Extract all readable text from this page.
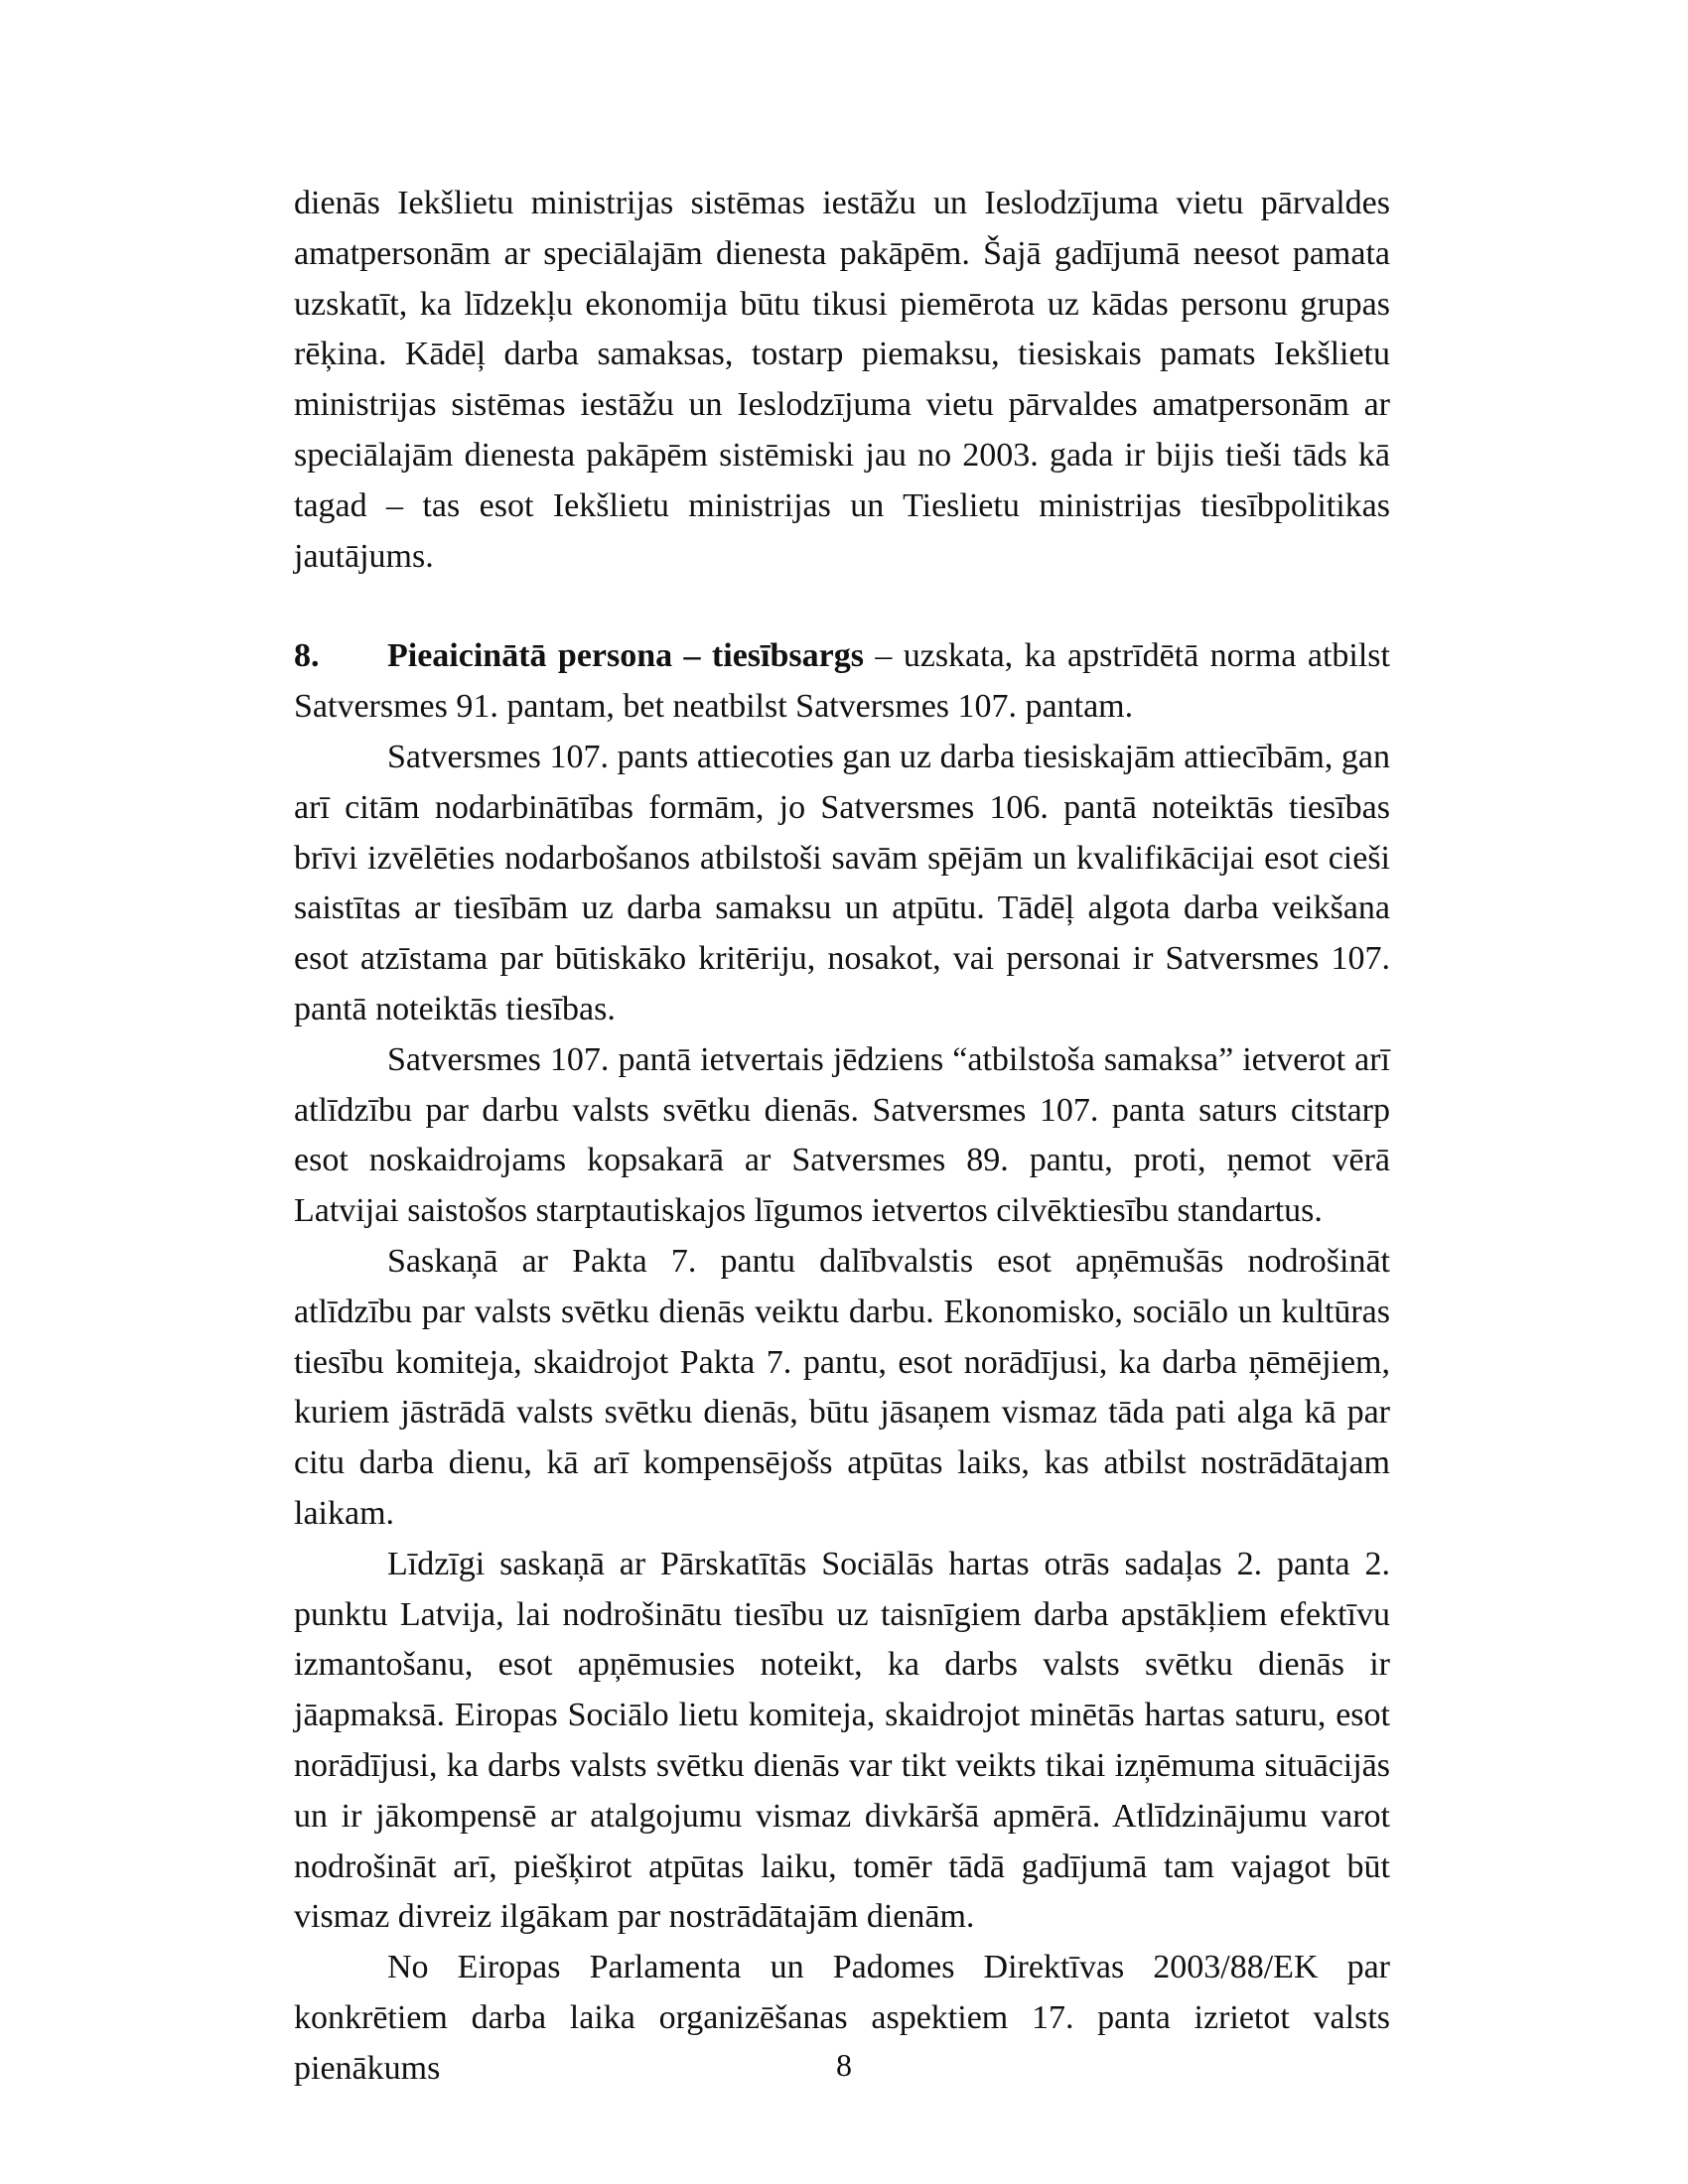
dienās Iekšlietu ministrijas sistēmas iestāžu un Ieslodzījuma vietu pārvaldes amatpersonām ar speciālajām dienesta pakāpēm. Šajā gadījumā neesot pamata uzskatīt, ka līdzekļu ekonomija būtu tikusi piemērota uz kādas personu grupas rēķina. Kādēļ darba samaksas, tostarp piemaksu, tiesiskais pamats Iekšlietu ministrijas sistēmas iestāžu un Ieslodzījuma vietu pārvaldes amatpersonām ar speciālajām dienesta pakāpēm sistēmiski jau no 2003. gada ir bijis tieši tāds kā tagad – tas esot Iekšlietu ministrijas un Tieslietu ministrijas tiesībpolitikas jautājums.

8. Pieaicinātā persona – tiesībsargs – uzskata, ka apstrīdētā norma atbilst Satversmes 91. pantam, bet neatbilst Satversmes 107. pantam.

Satversmes 107. pants attiecoties gan uz darba tiesiskajām attiecībām, gan arī citām nodarbinātības formām, jo Satversmes 106. pantā noteiktās tiesības brīvi izvēlēties nodarbošanos atbilstoši savām spējām un kvalifikācijai esot cieši saistītas ar tiesībām uz darba samaksu un atpūtu. Tādēļ algota darba veikšana esot atzīstama par būtiskāko kritēriju, nosakot, vai personai ir Satversmes 107. pantā noteiktās tiesības.

Satversmes 107. pantā ietvertais jēdziens “atbilstoša samaksa” ietverot arī atlīdzību par darbu valsts svētku dienās. Satversmes 107. panta saturs citstarp esot noskaidrojams kopsakarā ar Satversmes 89. pantu, proti, ņemot vērā Latvijai saistošos starptautiskajos līgumos ietvertos cilvēktiesību standartus.

Saskaņā ar Pakta 7. pantu dalībvalstis esot apņēmušās nodrošināt atlīdzību par valsts svētku dienās veiktu darbu. Ekonomisko, sociālo un kultūras tiesību komiteja, skaidrojot Pakta 7. pantu, esot norādījusi, ka darba ņēmējiem, kuriem jāstrādā valsts svētku dienās, būtu jāsaņem vismaz tāda pati alga kā par citu darba dienu, kā arī kompensējošs atpūtas laiks, kas atbilst nostrādātajam laikam.

Līdzīgi saskaņā ar Pārskatītās Sociālās hartas otrās sadaļas 2. panta 2. punktu Latvija, lai nodrošinātu tiesību uz taisnīgiem darba apstākļiem efektīvu izmantošanu, esot apņēmusies noteikt, ka darbs valsts svētku dienās ir jāapmaksā. Eiropas Sociālo lietu komiteja, skaidrojot minētās hartas saturu, esot norādījusi, ka darbs valsts svētku dienās var tikt veikts tikai izņēmuma situācijās un ir jākompensē ar atalgojumu vismaz divkāršā apmērā. Atlīdzinājumu varot nodrošināt arī, piešķirot atpūtas laiku, tomēr tādā gadījumā tam vajagot būt vismaz divreiz ilgākam par nostrādātajām dienām.

No Eiropas Parlamenta un Padomes Direktīvas 2003/88/EK par konkrētiem darba laika organizēšanas aspektiem 17. panta izrietot valsts pienākums	8
